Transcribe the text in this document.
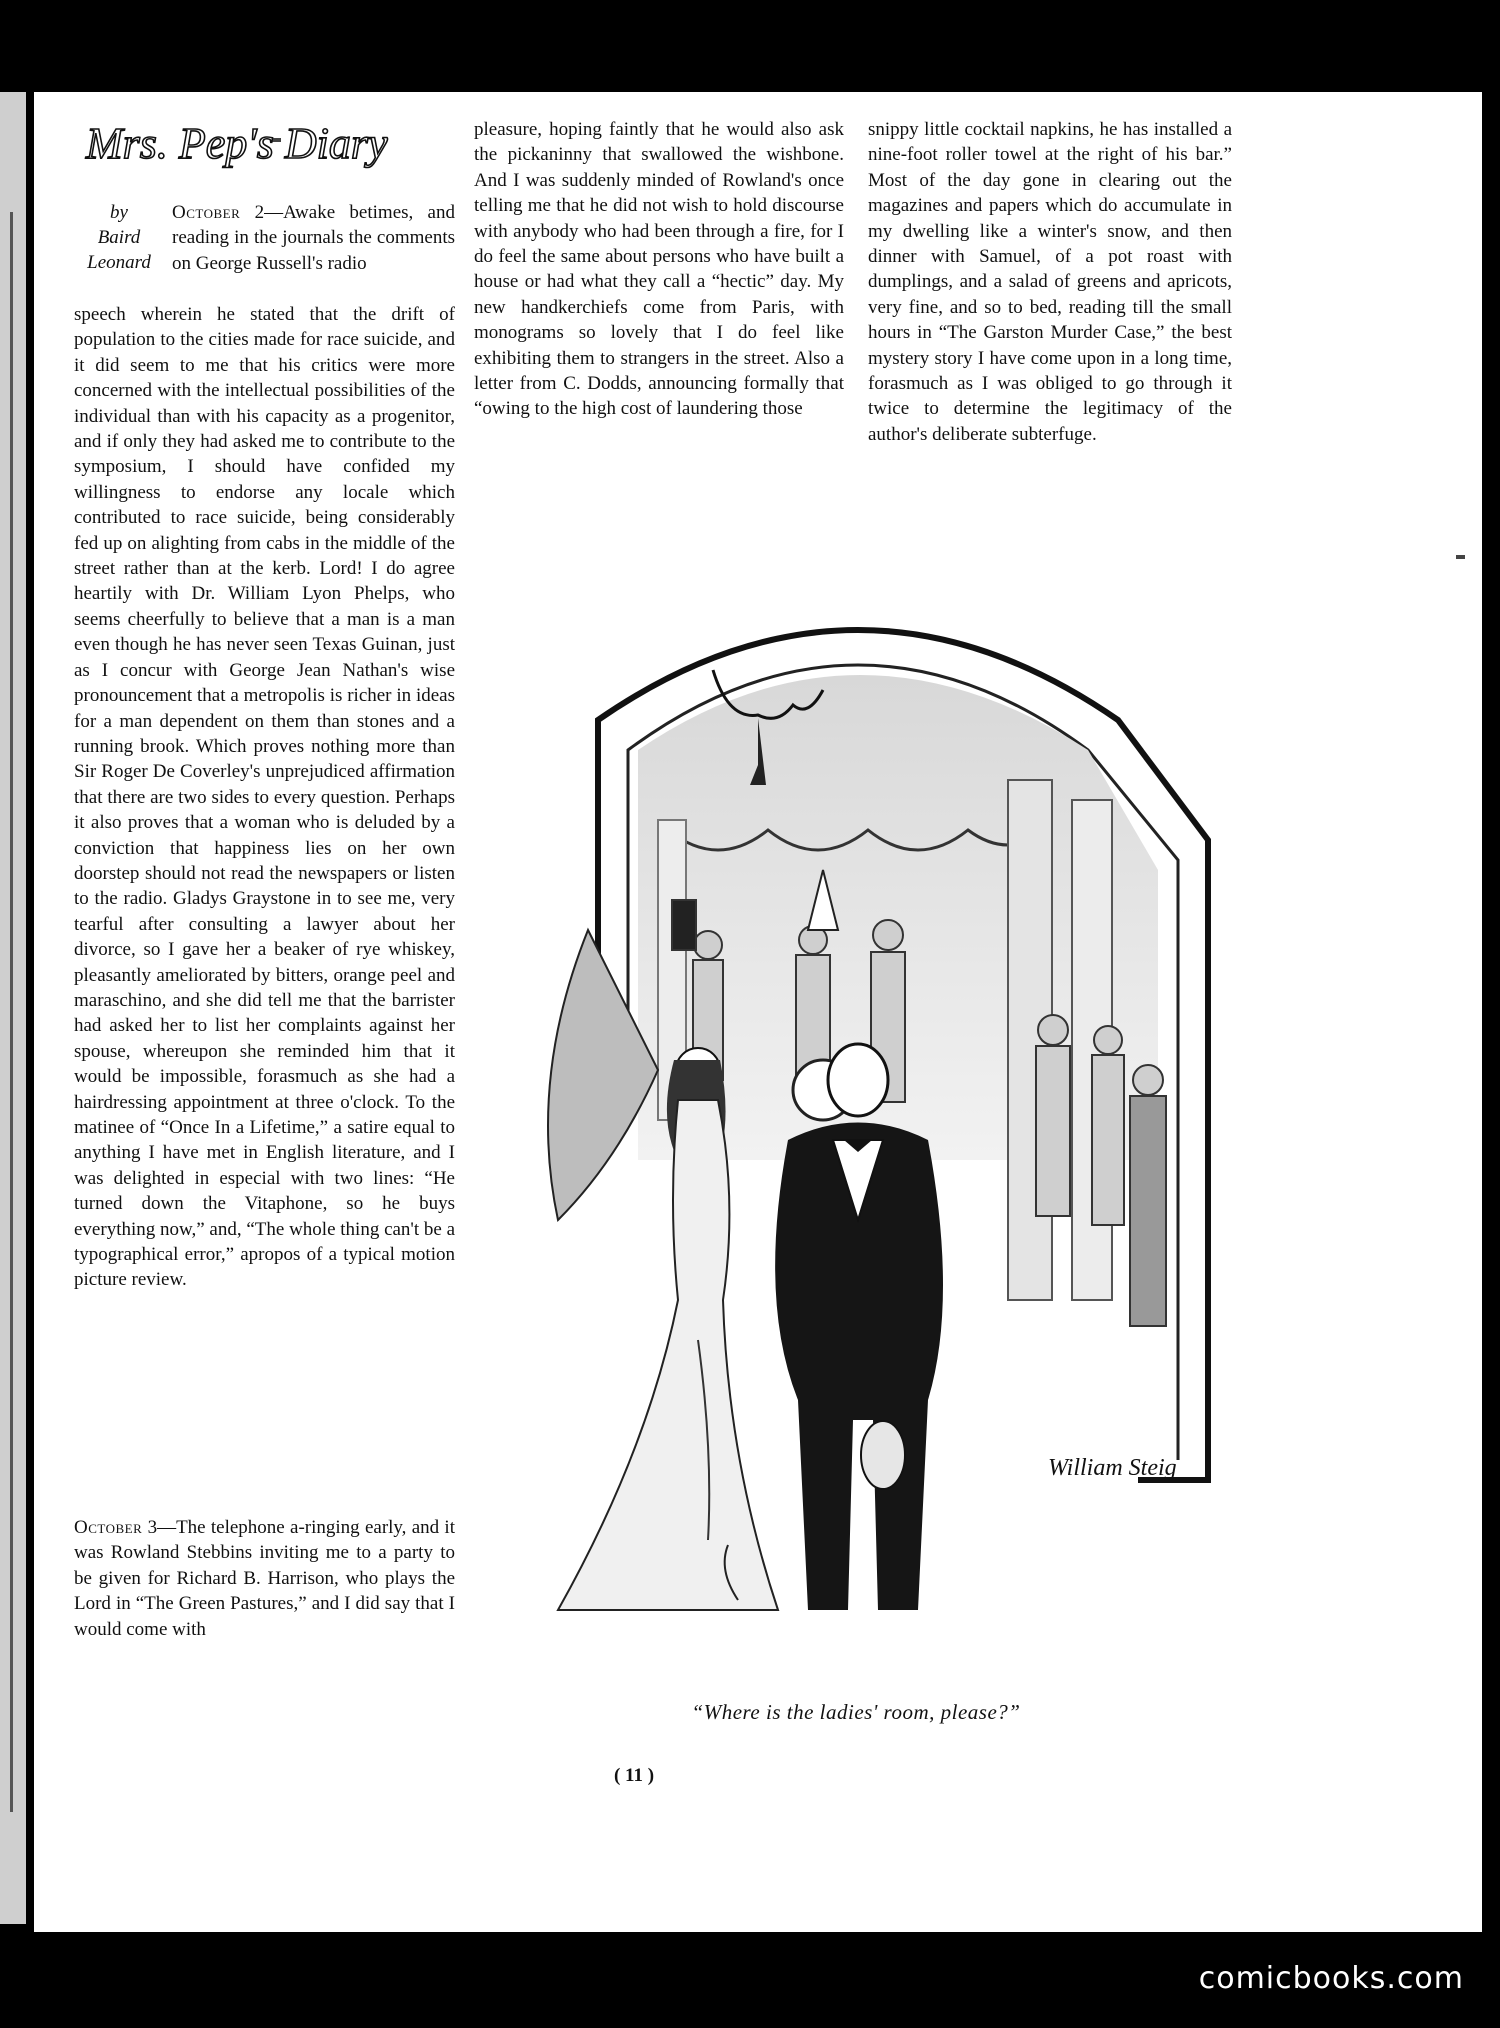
Mrs. Pep's Diary
by
Baird
Leonard

October 2—Awake betimes, and reading in the journals the comments on George Russell's radio

speech wherein he stated that the drift of population to the cities made for race suicide, and it did seem to me that his critics were more concerned with the intellectual possibilities of the individual than with his capacity as a progenitor, and if only they had asked me to contribute to the symposium, I should have confided my willingness to endorse any locale which contributed to race suicide, being considerably fed up on alighting from cabs in the middle of the street rather than at the kerb. Lord! I do agree heartily with Dr. William Lyon Phelps, who seems cheerfully to believe that a man is a man even though he has never seen Texas Guinan, just as I concur with George Jean Nathan's wise pronouncement that a metropolis is richer in ideas for a man dependent on them than stones and a running brook. Which proves nothing more than Sir Roger De Coverley's unprejudiced affirmation that there are two sides to every question. Perhaps it also proves that a woman who is deluded by a conviction that happiness lies on her own doorstep should not read the newspapers or listen to the radio. Gladys Graystone in to see me, very tearful after consulting a lawyer about her divorce, so I gave her a beaker of rye whiskey, pleasantly ameliorated by bitters, orange peel and maraschino, and she did tell me that the barrister had asked her to list her complaints against her spouse, whereupon she reminded him that it would be impossible, forasmuch as she had a hairdressing appointment at three o'clock. To the matinee of “Once In a Lifetime,” a satire equal to anything I have met in English literature, and I was delighted in especial with two lines: “He turned down the Vitaphone, so he buys everything now,” and, “The whole thing can't be a typographical error,” apropos of a typical motion picture review.

October 3—The telephone a-ringing early, and it was Rowland Stebbins inviting me to a party to be given for Richard B. Harrison, who plays the Lord in “The Green Pastures,” and I did say that I would come with

pleasure, hoping faintly that he would also ask the pickaninny that swallowed the wishbone. And I was suddenly minded of Rowland's once telling me that he did not wish to hold discourse with anybody who had been through a fire, for I do feel the same about persons who have built a house or had what they call a “hectic” day. My new handkerchiefs come from Paris, with monograms so lovely that I do feel like exhibiting them to strangers in the street. Also a letter from C. Dodds, announcing formally that “owing to the high cost of laundering those

snippy little cocktail napkins, he has installed a nine-foot roller towel at the right of his bar.” Most of the day gone in clearing out the magazines and papers which do accumulate in my dwelling like a winter's snow, and then dinner with Samuel, of a pot roast with dumplings, and a salad of greens and apricots, very fine, and so to bed, reading till the small hours in “The Garston Murder Case,” the best mystery story I have come upon in a long time, forasmuch as I was obliged to go through it twice to determine the legitimacy of the author's deliberate subterfuge.

William Steig
“Where is the ladies' room, please?”
( 11 )
comicbooks.com
